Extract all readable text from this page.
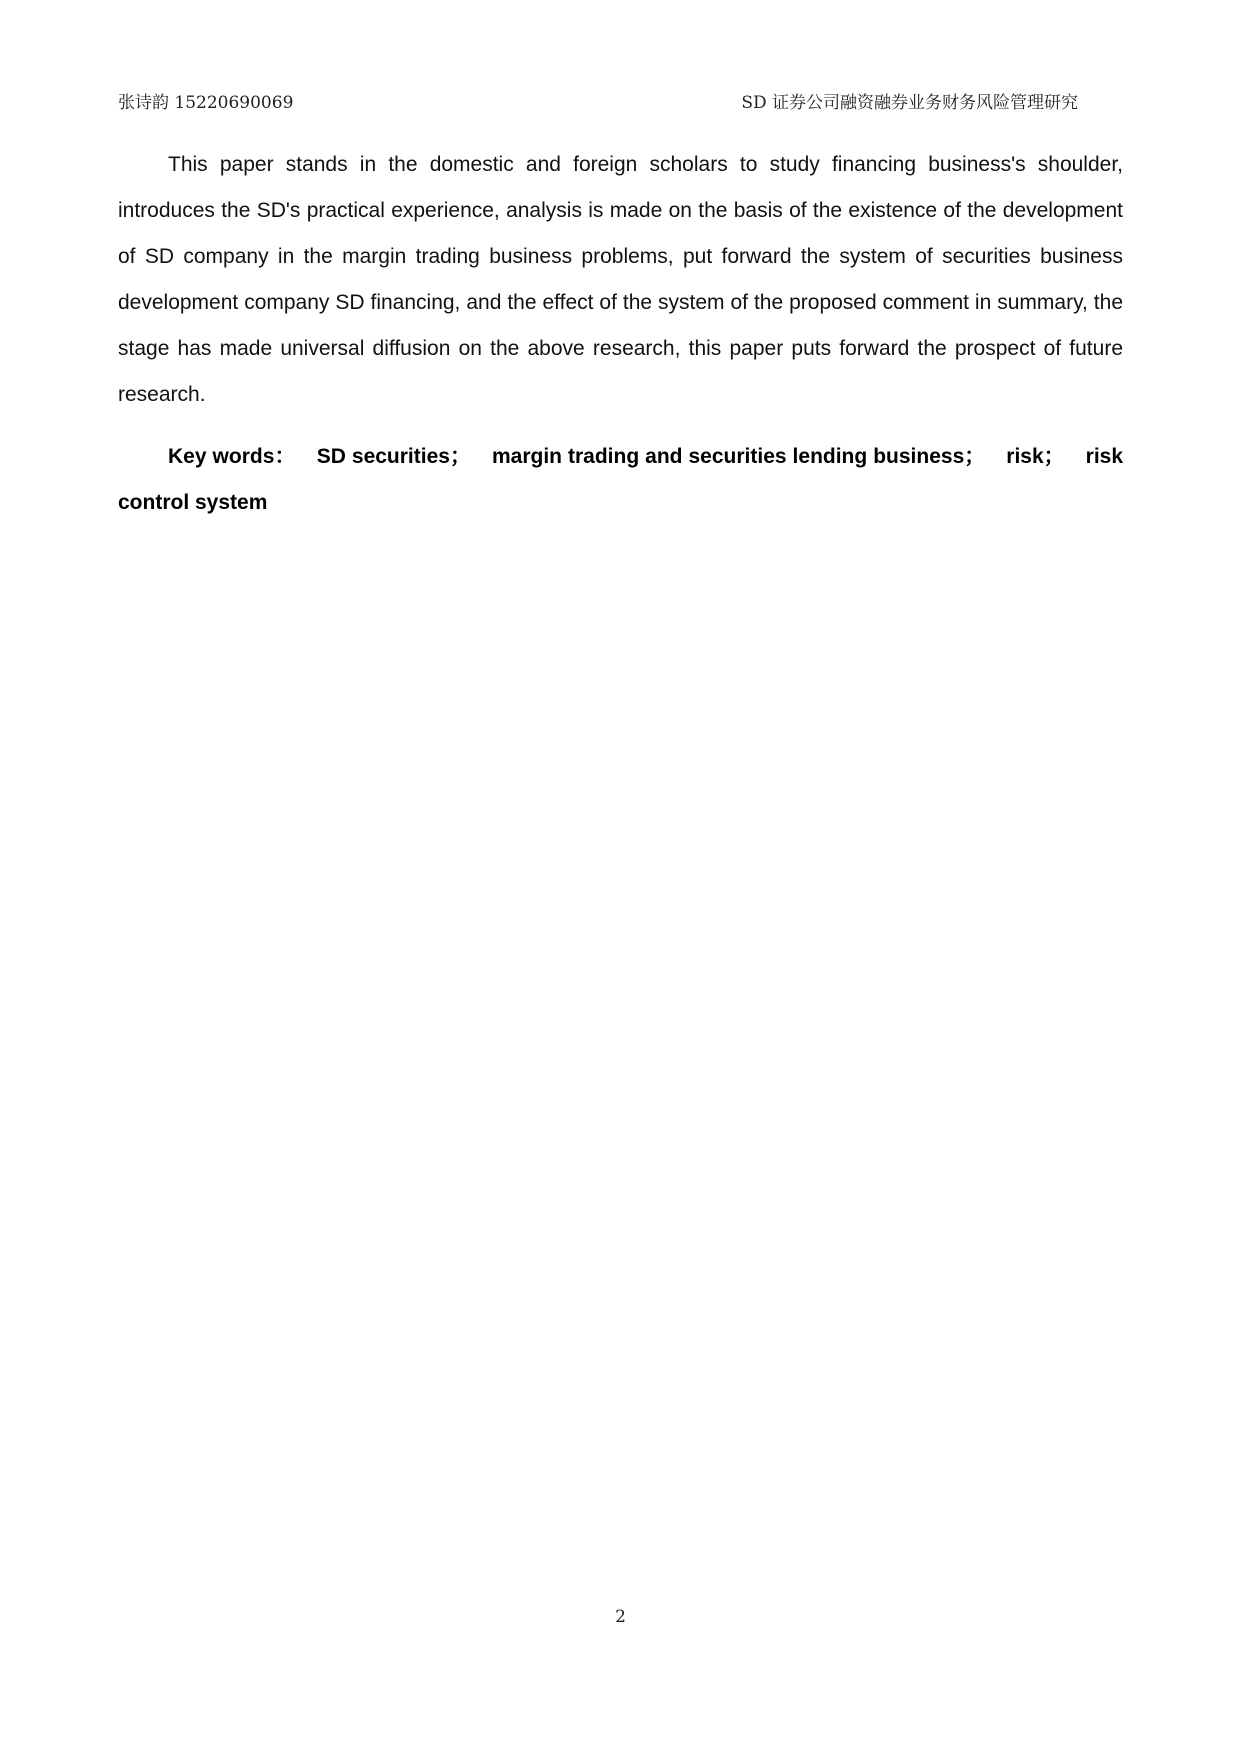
张诗韵 15220690069	SD 证券公司融资融券业务财务风险管理研究

This paper stands in the domestic and foreign scholars to study financing business's shoulder, introduces the SD's practical experience, analysis is made on the basis of the existence of the development of SD company in the margin trading business problems, put forward the system of securities business development company SD financing, and the effect of the system of the proposed comment in summary, the stage has made universal diffusion on the above research, this paper puts forward the prospect of future research.

Key words：  SD securities；  margin trading and securities lending business；  risk；  risk control system

2
